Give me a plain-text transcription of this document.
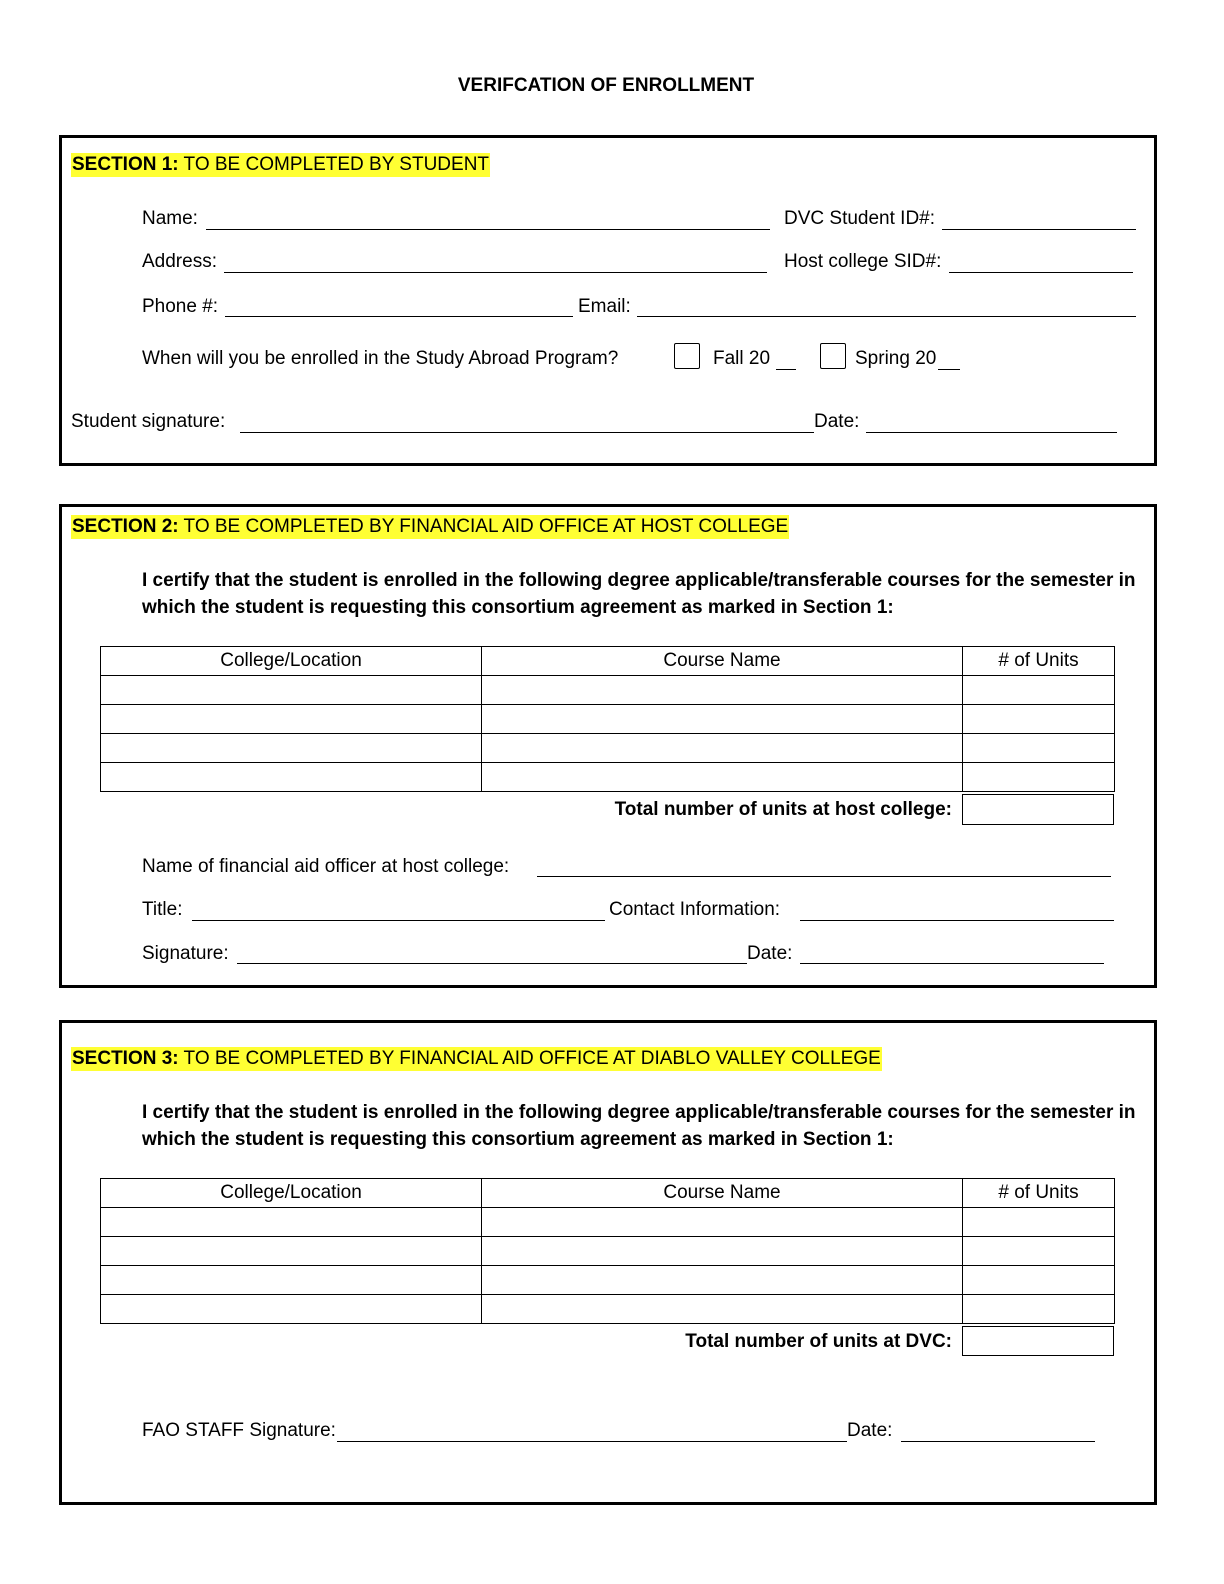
VERIFCATION OF ENROLLMENT
SECTION 1: TO BE COMPLETED BY STUDENT
Name:	DVC Student ID#:
Address:	Host college SID#:
Phone #:	Email:
When will you be enrolled in the Study Abroad Program?	Fall 20	Spring 20
Student signature:	Date:
SECTION 2: TO BE COMPLETED BY FINANCIAL AID OFFICE AT HOST COLLEGE
I certify that the student is enrolled in the following degree applicable/transferable courses for the semester in which the student is requesting this consortium agreement as marked in Section 1:
College/Location	Course Name	# of Units

Total number of units at host college:
Name of financial aid officer at host college:
Title:	Contact Information:
Signature:	Date:
SECTION 3: TO BE COMPLETED BY FINANCIAL AID OFFICE AT DIABLO VALLEY COLLEGE
I certify that the student is enrolled in the following degree applicable/transferable courses for the semester in which the student is requesting this consortium agreement as marked in Section 1:
College/Location	Course Name	# of Units

Total number of units at DVC:
FAO STAFF Signature:	Date:
